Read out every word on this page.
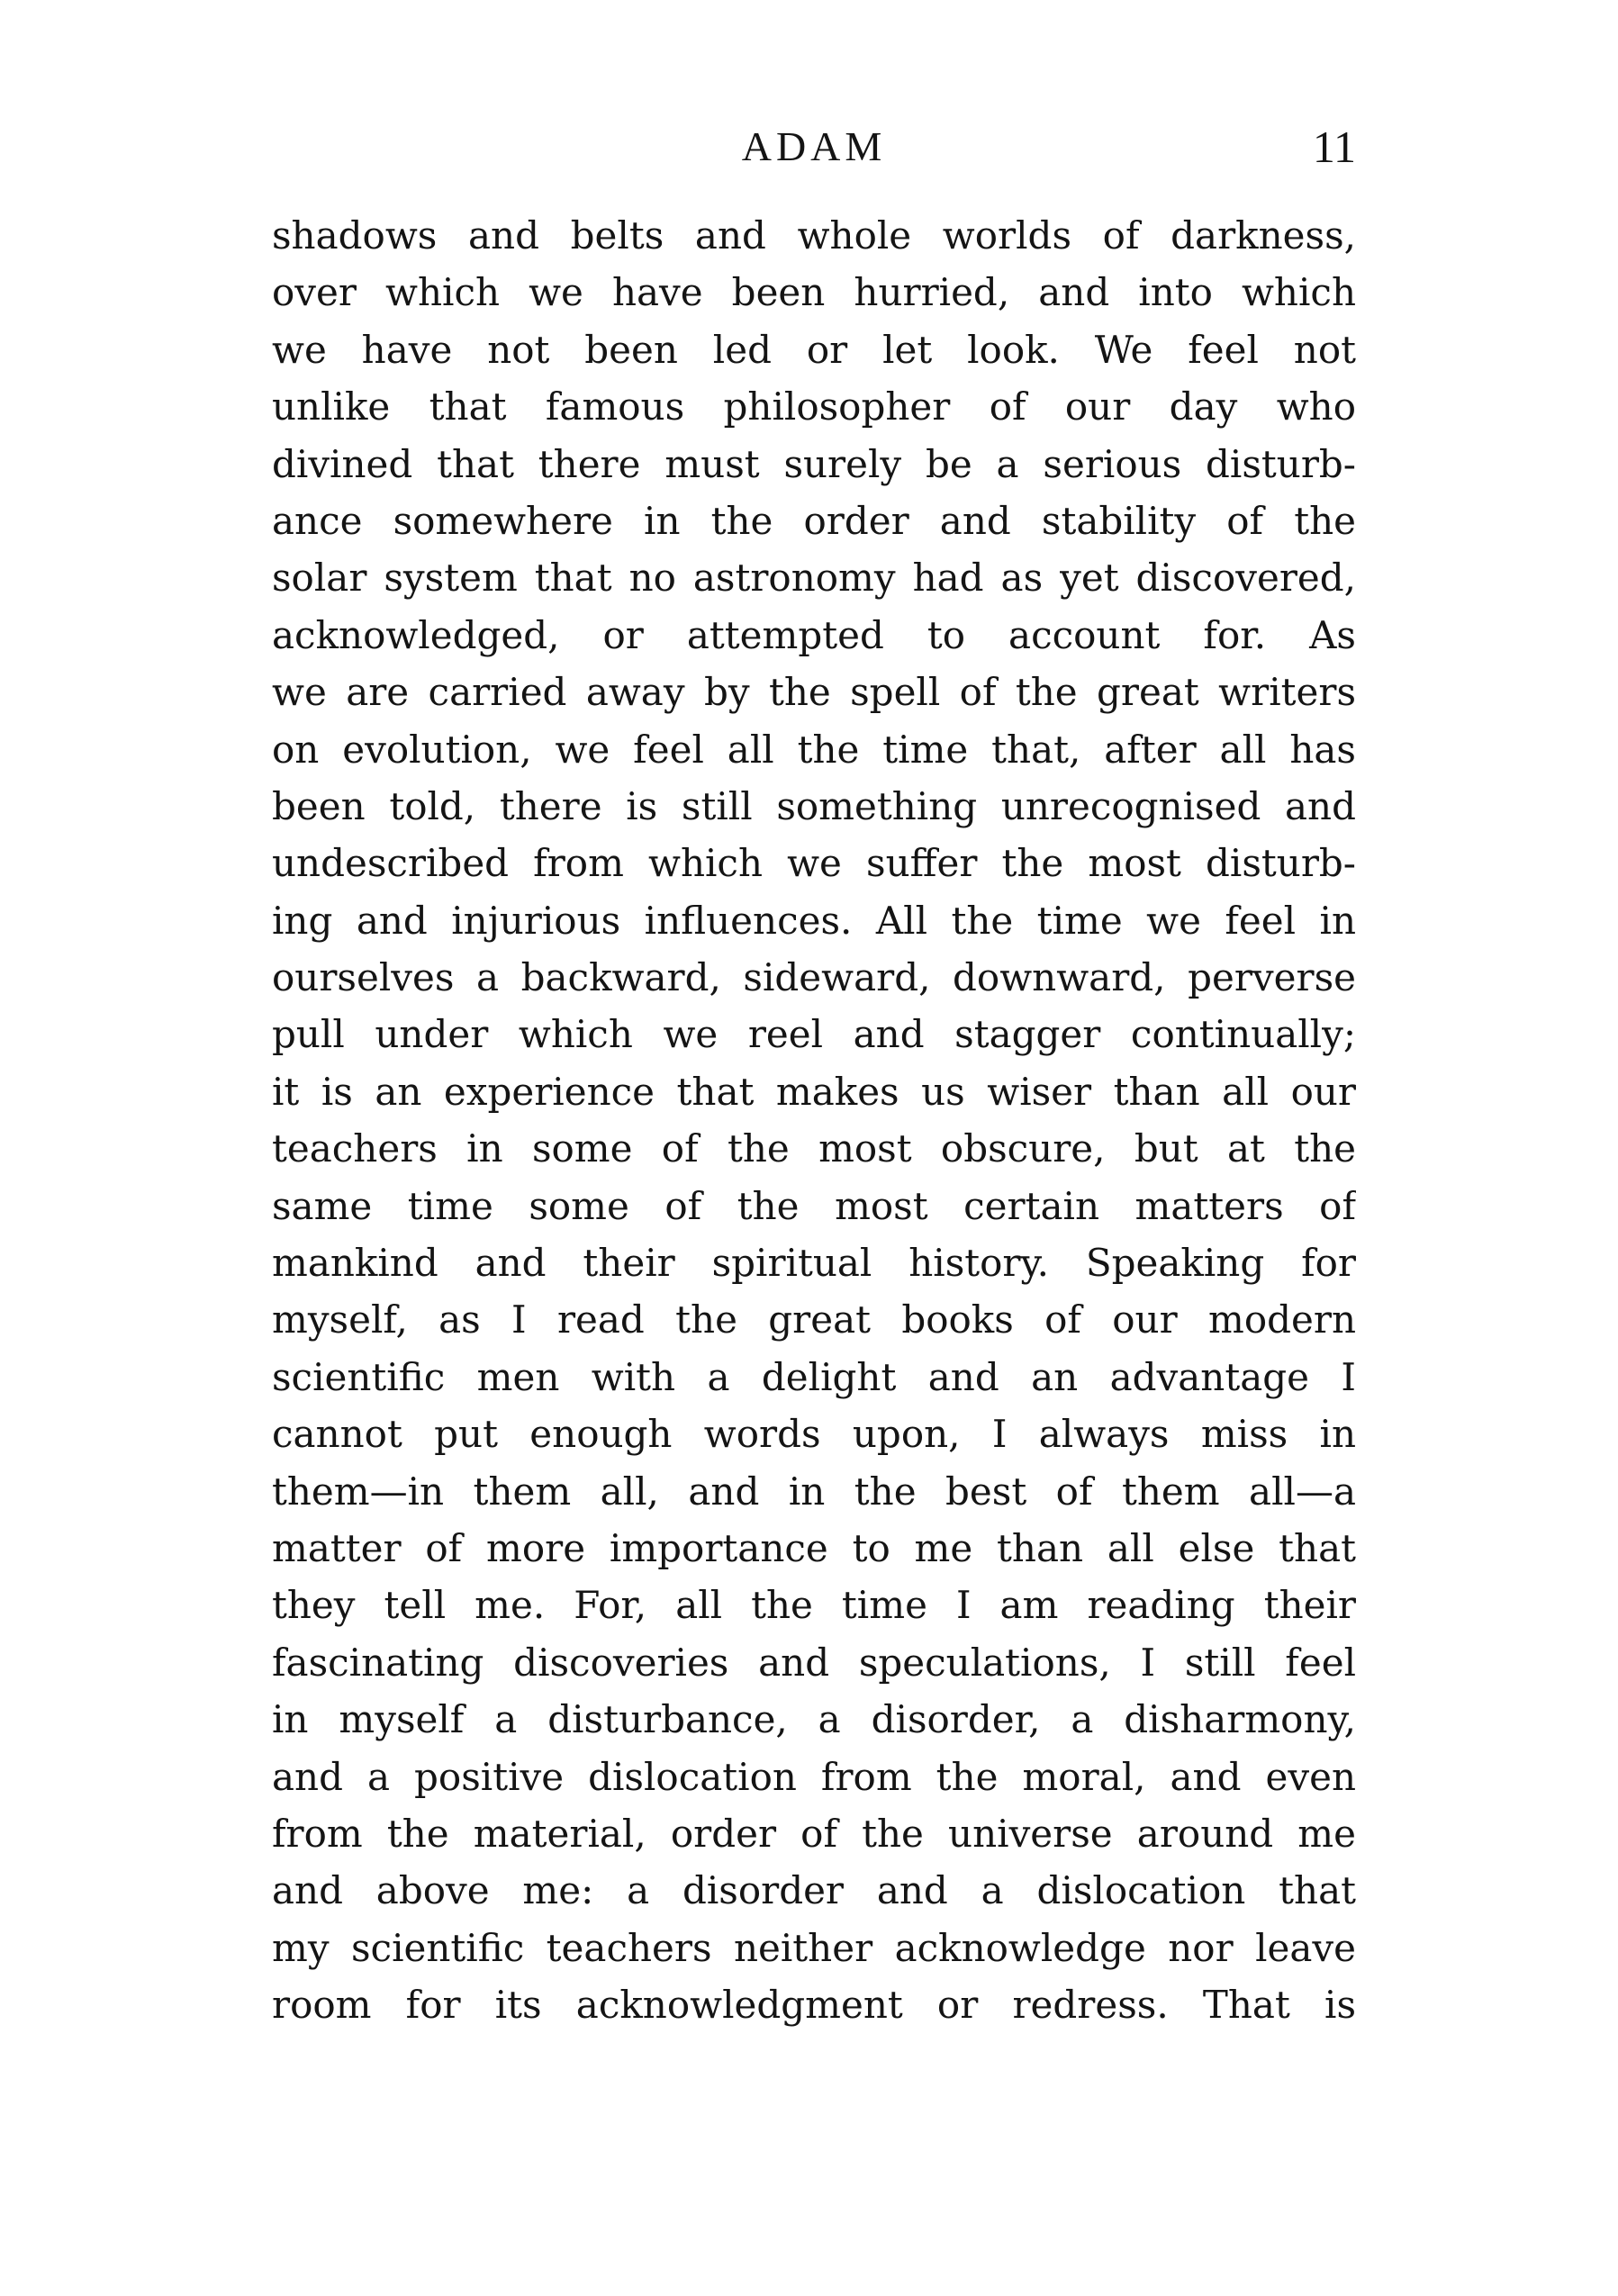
ADAM	11
shadows and belts and whole worlds of darkness,
over which we have been hurried, and into which
we have not been led or let look. We feel not
unlike that famous philosopher of our day who
divined that there must surely be a serious disturb-
ance somewhere in the order and stability of the
solar system that no astronomy had as yet discovered,
acknowledged, or attempted to account for. As
we are carried away by the spell of the great writers
on evolution, we feel all the time that, after all has
been told, there is still something unrecognised and
undescribed from which we suffer the most disturb-
ing and injurious influences. All the time we feel in
ourselves a backward, sideward, downward, perverse
pull under which we reel and stagger continually;
it is an experience that makes us wiser than all our
teachers in some of the most obscure, but at the
same time some of the most certain matters of
mankind and their spiritual history. Speaking for
myself, as I read the great books of our modern
scientific men with a delight and an advantage I
cannot put enough words upon, I always miss in
them—in them all, and in the best of them all—a
matter of more importance to me than all else that
they tell me. For, all the time I am reading their
fascinating discoveries and speculations, I still feel
in myself a disturbance, a disorder, a disharmony,
and a positive dislocation from the moral, and even
from the material, order of the universe around me
and above me: a disorder and a dislocation that
my scientific teachers neither acknowledge nor leave
room for its acknowledgment or redress. That is
